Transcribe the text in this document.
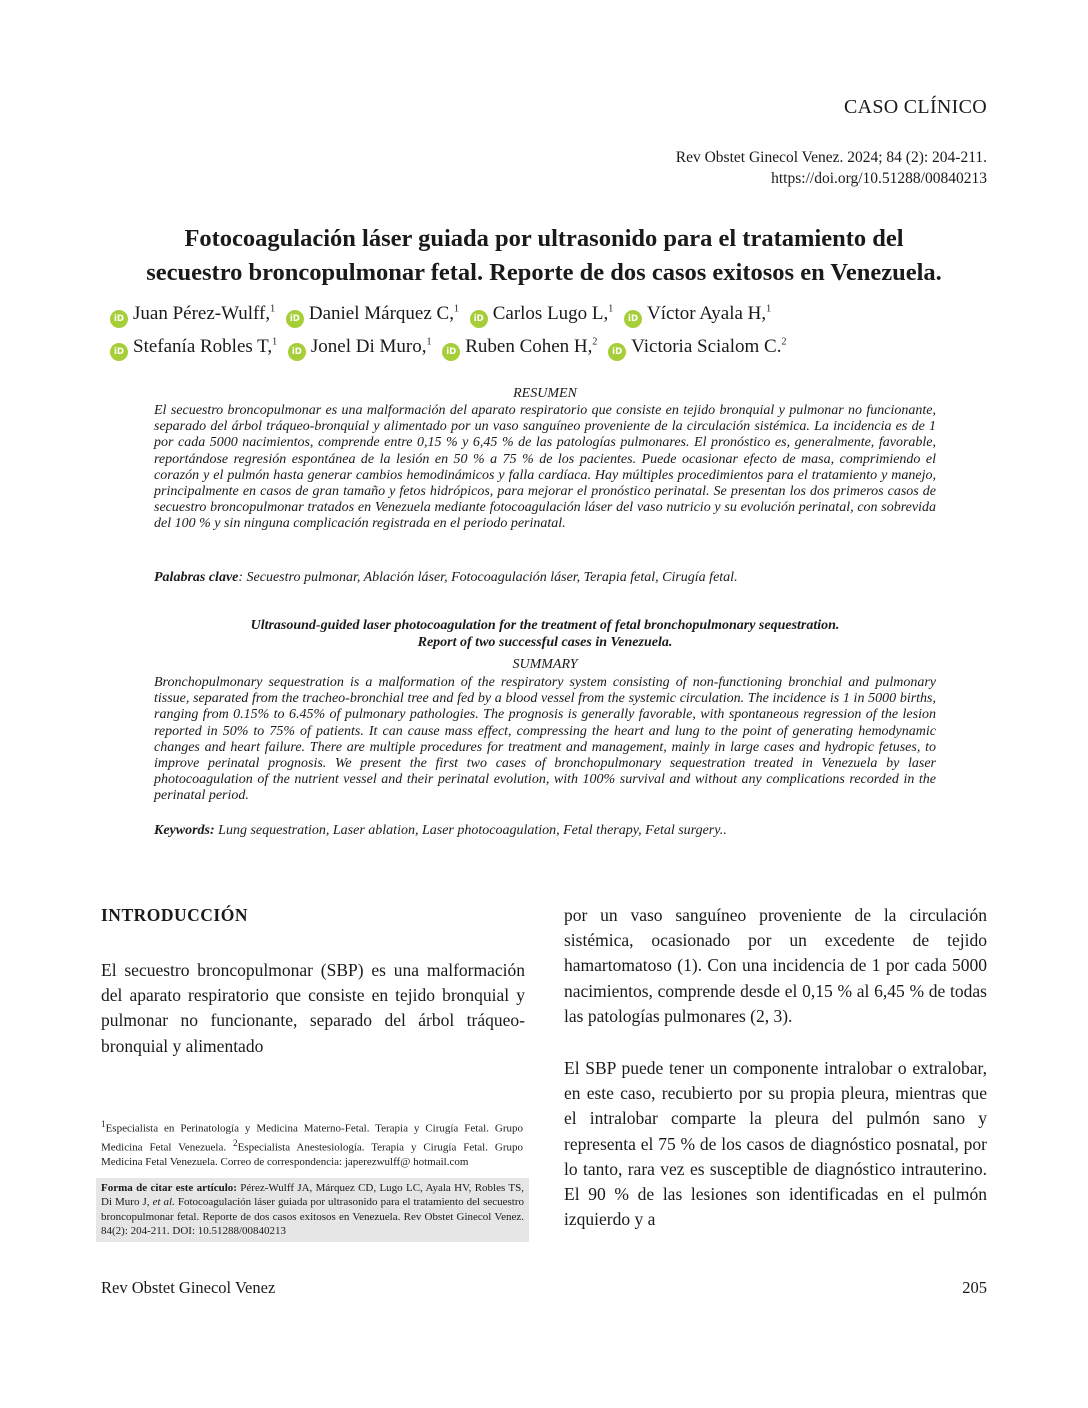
CASO CLÍNICO
Rev Obstet Ginecol Venez. 2024; 84 (2): 204-211.
https://doi.org/10.51288/00840213
Fotocoagulación láser guiada por ultrasonido para el tratamiento del
secuestro broncopulmonar fetal. Reporte de dos casos exitosos en Venezuela.
iD Juan Pérez-Wulff,$^1$ iD Daniel Márquez C,$^1$ iD Carlos Lugo L,$^1$ iD Víctor Ayala H,$^1$
iD Stefanía Robles T,$^1$ iD Jonel Di Muro,$^1$ iD Ruben Cohen H,$^2$ iD Victoria Scialom C.$^2$
RESUMEN
El secuestro broncopulmonar es una malformación del aparato respiratorio que consiste en tejido bronquial y pulmonar no funcionante, separado del árbol tráqueo-bronquial y alimentado por un vaso sanguíneo proveniente de la circulación sistémica. La incidencia es de 1 por cada 5000 nacimientos, comprende entre 0,15 % y 6,45 % de las patologías pulmonares. El pronóstico es, generalmente, favorable, reportándose regresión espontánea de la lesión en 50 % a 75 % de los pacientes. Puede ocasionar efecto de masa, comprimiendo el corazón y el pulmón hasta generar cambios hemodinámicos y falla cardíaca. Hay múltiples procedimientos para el tratamiento y manejo, principalmente en casos de gran tamaño y fetos hidrópicos, para mejorar el pronóstico perinatal. Se presentan los dos primeros casos de secuestro broncopulmonar tratados en Venezuela mediante fotocoagulación láser del vaso nutricio y su evolución perinatal, con sobrevida del 100 % y sin ninguna complicación registrada en el periodo perinatal.
Palabras clave: Secuestro pulmonar, Ablación láser, Fotocoagulación láser, Terapia fetal, Cirugía fetal.
Ultrasound-guided laser photocoagulation for the treatment of fetal bronchopulmonary sequestration.
Report of two successful cases in Venezuela.
SUMMARY
Bronchopulmonary sequestration is a malformation of the respiratory system consisting of non-functioning bronchial and pulmonary tissue, separated from the tracheo-bronchial tree and fed by a blood vessel from the systemic circulation. The incidence is 1 in 5000 births, ranging from 0.15% to 6.45% of pulmonary pathologies. The prognosis is generally favorable, with spontaneous regression of the lesion reported in 50% to 75% of patients. It can cause mass effect, compressing the heart and lung to the point of generating hemodynamic changes and heart failure. There are multiple procedures for treatment and management, mainly in large cases and hydropic fetuses, to improve perinatal prognosis. We present the first two cases of bronchopulmonary sequestration treated in Venezuela by laser photocoagulation of the nutrient vessel and their perinatal evolution, with 100% survival and without any complications recorded in the perinatal period.
Keywords: Lung sequestration, Laser ablation, Laser photocoagulation, Fetal therapy, Fetal surgery..
INTRODUCCIÓN

El secuestro broncopulmonar (SBP) es una malformación del aparato respiratorio que consiste en tejido bronquial y pulmonar no funcionante, separado del árbol tráqueo-bronquial y alimentado

por un vaso sanguíneo proveniente de la circulación sistémica, ocasionado por un excedente de tejido hamartomatoso (1). Con una incidencia de 1 por cada 5000 nacimientos, comprende desde el 0,15 % al 6,45 % de todas las patologías pulmonares (2, 3).

El SBP puede tener un componente intralobar o extralobar, en este caso, recubierto por su propia pleura, mientras que el intralobar comparte la pleura del pulmón sano y representa el 75 % de los casos de diagnóstico posnatal, por lo tanto, rara vez es susceptible de diagnóstico intrauterino. El 90 % de las lesiones son identificadas en el pulmón izquierdo y a

$^1$Especialista en Perinatología y Medicina Materno-Fetal. Terapia y Cirugía Fetal. Grupo Medicina Fetal Venezuela. $^2$Especialista Anestesiología. Terapia y Cirugía Fetal. Grupo Medicina Fetal Venezuela. Correo de correspondencia: japerezwulff@ hotmail.com
Forma de citar este artículo: Pérez-Wulff JA, Márquez CD, Lugo LC, Ayala HV, Robles TS, Di Muro J, et al. Fotocoagulación láser guiada por ultrasonido para el tratamiento del secuestro broncopulmonar fetal. Reporte de dos casos exitosos en Venezuela. Rev Obstet Ginecol Venez. 84(2): 204-211. DOI: 10.51288/00840213
Rev Obstet Ginecol Venez	205
